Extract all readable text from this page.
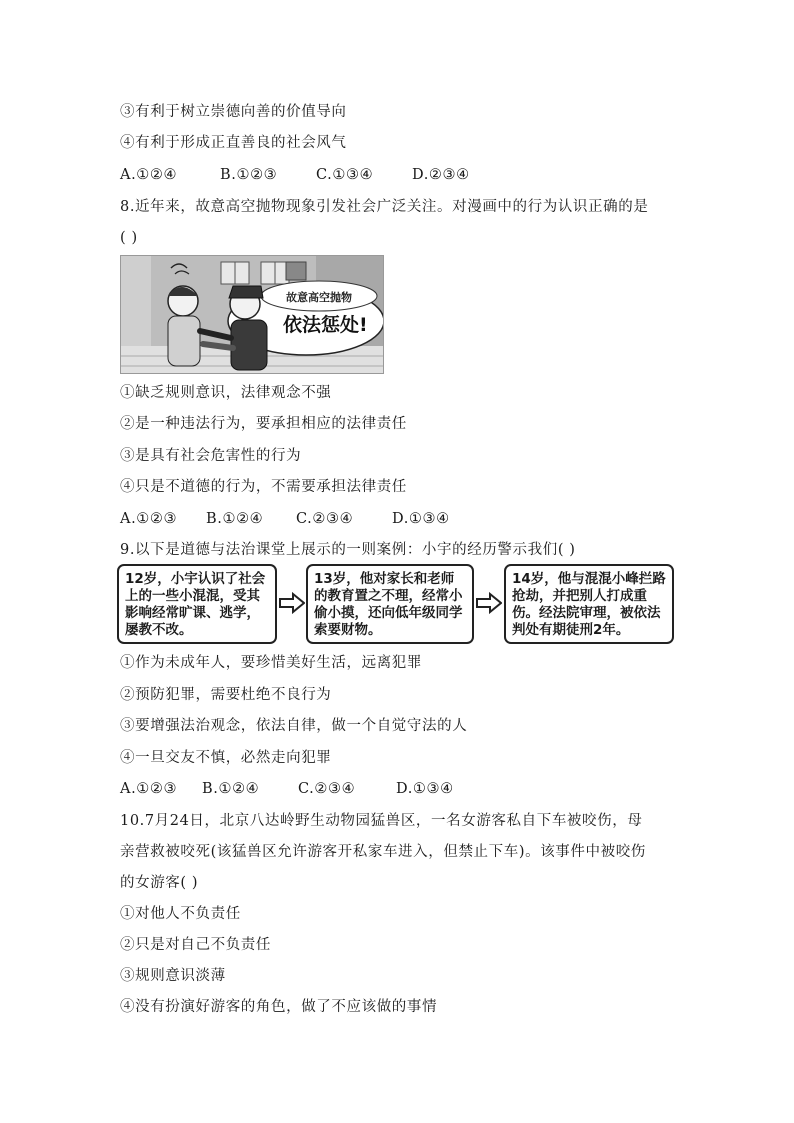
③有利于树立崇德向善的价值导向
④有利于形成正直善良的社会风气
A.①②④	B.①②③	C.①③④	D.②③④
8.近年来，故意高空抛物现象引发社会广泛关注。对漫画中的行为认识正确的是
( )
故意高空抛物
依法惩处!
①缺乏规则意识，法律观念不强
②是一种违法行为，要承担相应的法律责任
③是具有社会危害性的行为
④只是不道德的行为，不需要承担法律责任
A.①②③ B.①②④ C.②③④	D.①③④
9.以下是道德与法治课堂上展示的一则案例：小宇的经历警示我们( )
12岁，小宇认识了社会上的一些小混混，受其影响经常旷课、逃学，屡教不改。
13岁，他对家长和老师的教育置之不理，经常小偷小摸，还向低年级同学索要财物。
14岁，他与混混小峰拦路抢劫，并把别人打成重伤。经法院审理，被依法判处有期徒刑2年。
①作为未成年人，要珍惜美好生活，远离犯罪
②预防犯罪，需要杜绝不良行为
③要增强法治观念，依法自律，做一个自觉守法的人
④一旦交友不慎，必然走向犯罪
A.①②③ B.①②④	C.②③④	D.①③④
10.7月24日，北京八达岭野生动物园猛兽区，一名女游客私自下车被咬伤，母
亲营救被咬死(该猛兽区允许游客开私家车进入，但禁止下车)。该事件中被咬伤
的女游客( )
①对他人不负责任
②只是对自己不负责任
③规则意识淡薄
④没有扮演好游客的角色，做了不应该做的事情
